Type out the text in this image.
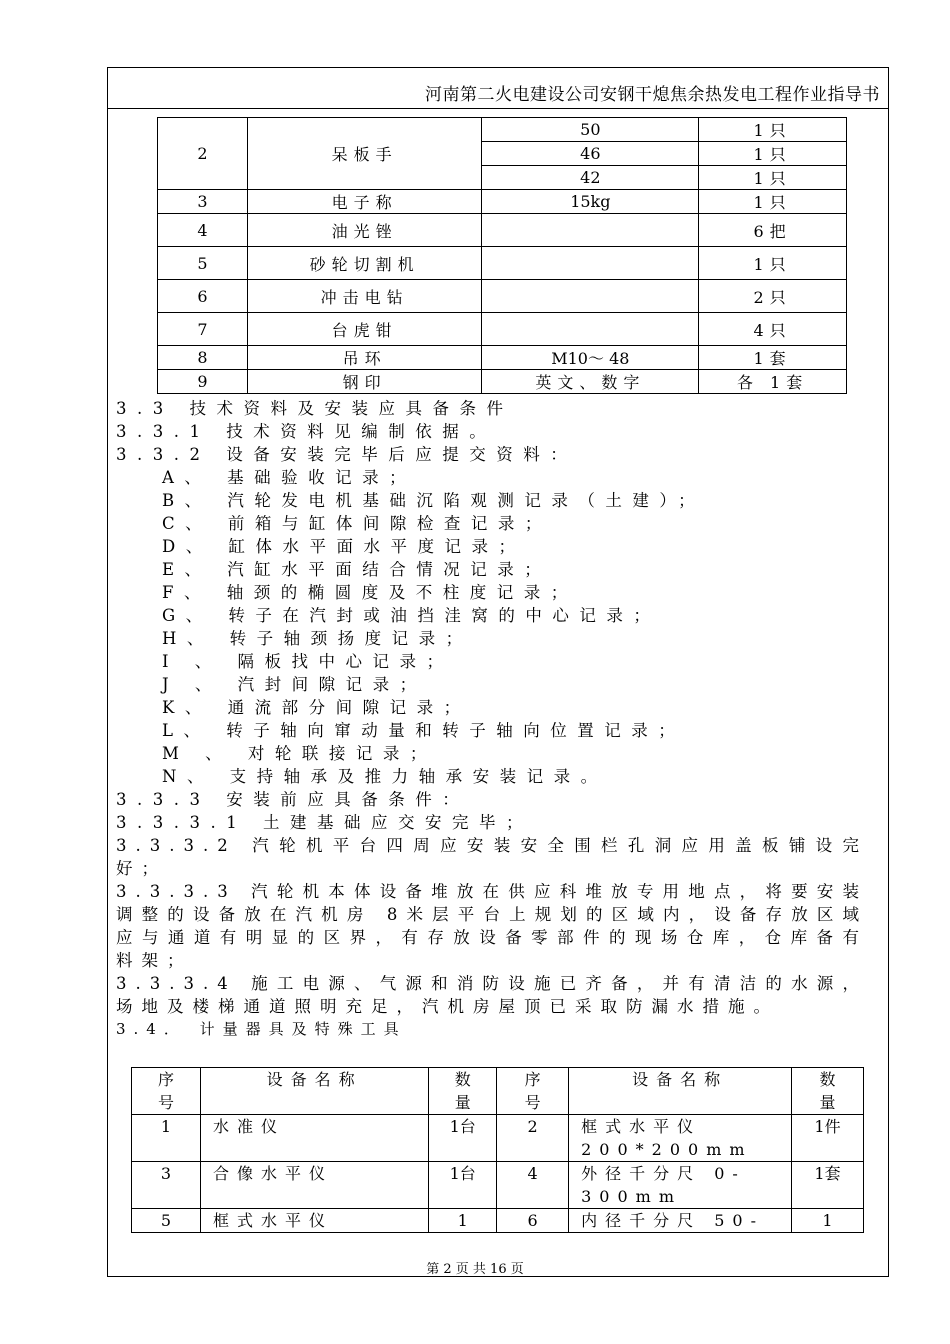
河南第二火电建设公司安钢干熄焦余热发电工程作业指导书
2	呆板手	50	1只
		46	1只
		42	1只
3	电子称	15kg	1只
4	油光锉		6把
5	砂轮切割机		1只
6	冲击电钻		2只
7	台虎钳		4只
8	吊环	M10～ 48	1套
9	钢印	英文、数字	各 1套
3.3 技术资料及安装应具备条件
3.3.1 技术资料见编制依据。
3.3.2 设备安装完毕后应提交资料：
A、 基础验收记录；
B、 汽轮发电机基础沉陷观测记录（土建）；
C、 前箱与缸体间隙检查记录；
D、 缸体水平面水平度记录；
E、 汽缸水平面结合情况记录；
F、 轴颈的椭圆度及不柱度记录；
G、 转子在汽封或油挡洼窝的中心记录；
H、 转子轴颈扬度记录；
I 、 隔板找中心记录；
J 、 汽封间隙记录；
K、 通流部分间隙记录；
L、 转子轴向窜动量和转子轴向位置记录；
M 、 对轮联接记录；
N、 支持轴承及推力轴承安装记录。
3.3.3 安装前应具备条件：
3.3.3.1 土建基础应交安完毕；
3.3.3.2 汽轮机平台四周应安装安全围栏孔洞应用盖板铺设完好；
3.3.3.3 汽轮机本体设备堆放在供应科堆放专用地点，将要安装调整的设备放在汽机房 8米层平台上规划的区域内，设备存放区域应与通道有明显的区界，有存放设备零部件的现场仓库，仓库备有料架；
3.3.3.4 施工电源、气源和消防设施已齐备，并有清洁的水源，场地及楼梯通道照明充足，汽机房屋顶已采取防漏水措施。
3.4． 计量器具及特殊工具
序号	设备名称	数量	序号	设备名称	数量
1	水准仪	1台	2	框式水平仪 200*200mm	1件
3	合像水平仪	1台	4	外径千分尺 0-300mm	1套
5	框式水平仪	1	6	内径千分尺 50-	1
第 2 页 共 16 页
